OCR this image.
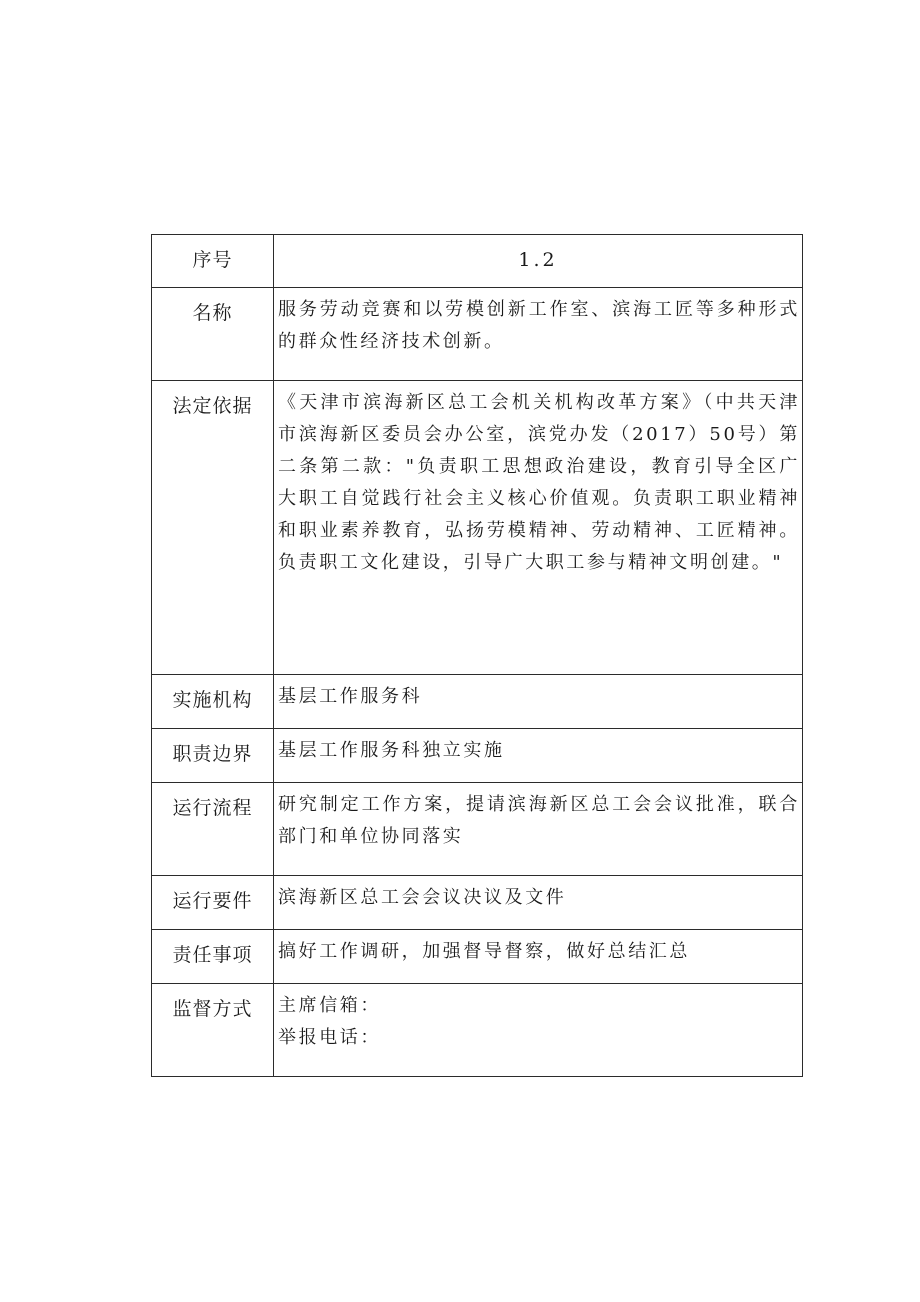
序号	1.2
名称	服务劳动竞赛和以劳模创新工作室、滨海工匠等多种形式的群众性经济技术创新。
法定依据	《天津市滨海新区总工会机关机构改革方案》（中共天津市滨海新区委员会办公室，滨党办发（2017）50号）第二条第二款："负责职工思想政治建设，教育引导全区广大职工自觉践行社会主义核心价值观。负责职工职业精神和职业素养教育，弘扬劳模精神、劳动精神、工匠精神。负责职工文化建设，引导广大职工参与精神文明创建。"
实施机构	基层工作服务科
职责边界	基层工作服务科独立实施
运行流程	研究制定工作方案，提请滨海新区总工会会议批准，联合部门和单位协同落实
运行要件	滨海新区总工会会议决议及文件
责任事项	搞好工作调研，加强督导督察，做好总结汇总
监督方式	主席信箱：
举报电话：
